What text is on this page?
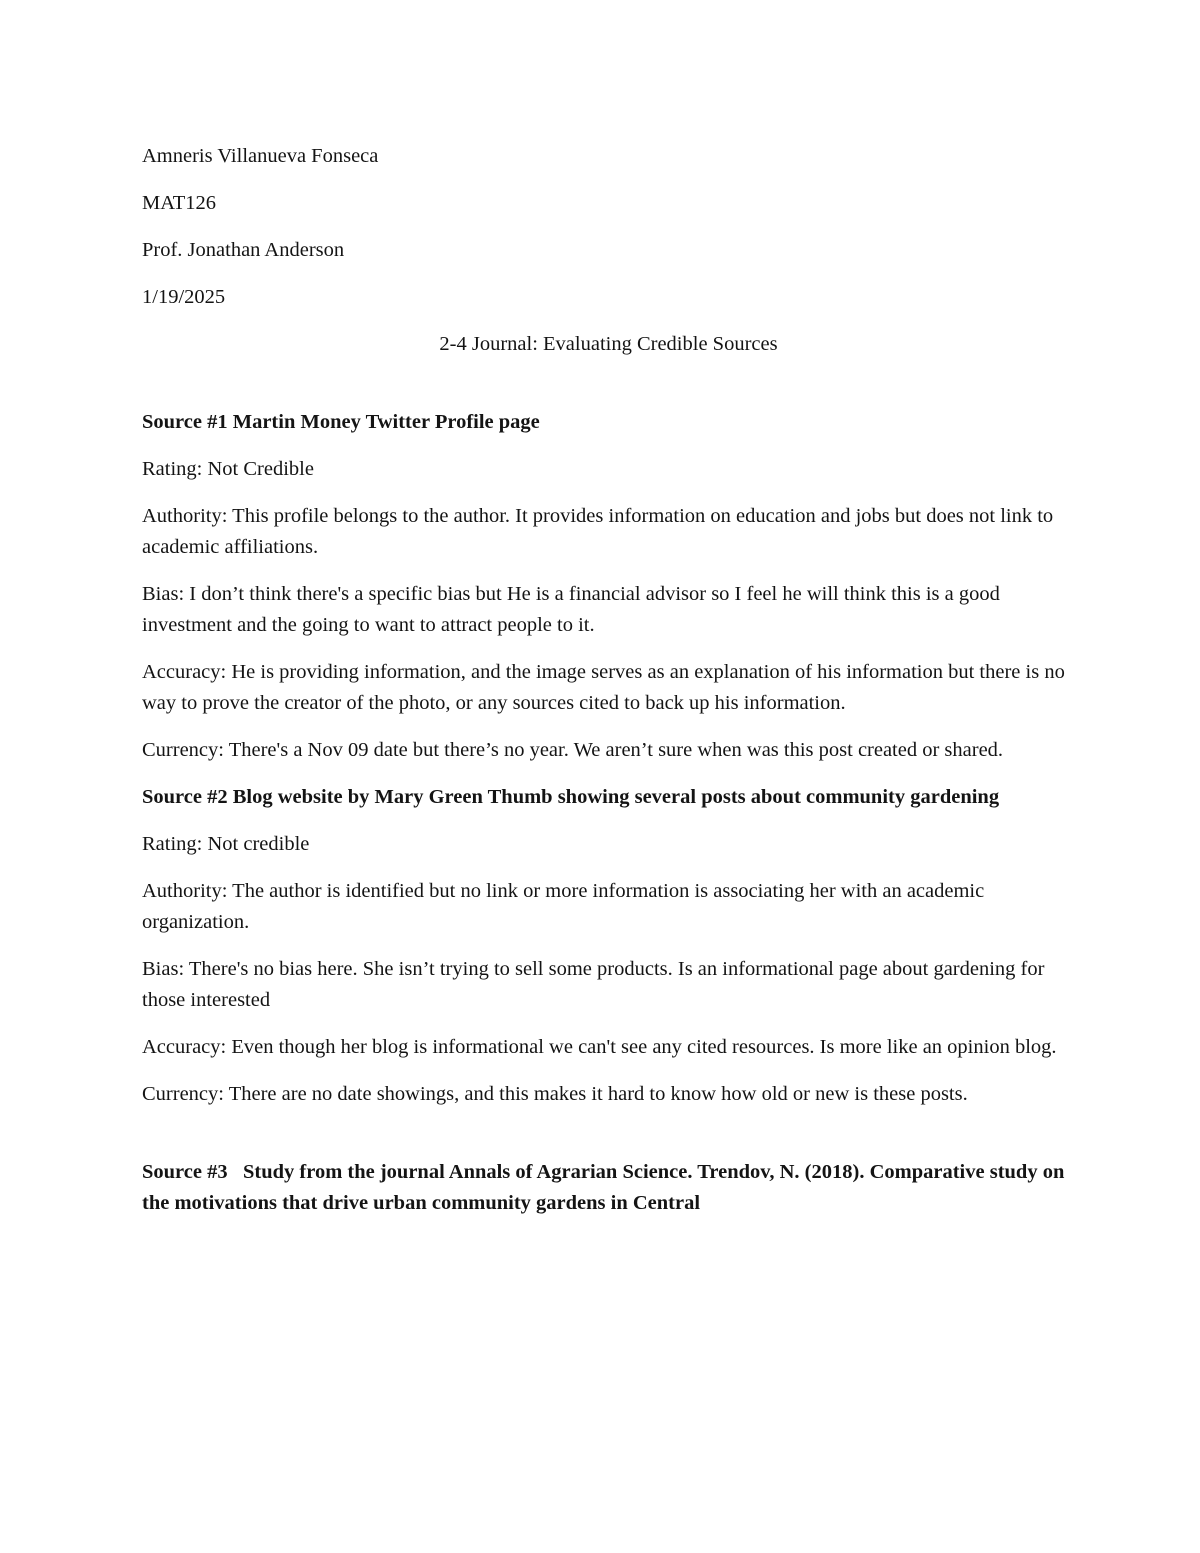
Amneris Villanueva Fonseca

MAT126

Prof. Jonathan Anderson

1/19/2025

2-4 Journal: Evaluating Credible Sources

Source #1 Martin Money Twitter Profile page

Rating: Not Credible

Authority: This profile belongs to the author. It provides information on education and jobs but does not link to academic affiliations.

Bias: I don’t think there's a specific bias but He is a financial advisor so I feel he will think this is a good investment and the going to want to attract people to it.

Accuracy: He is providing information, and the image serves as an explanation of his information but there is no way to prove the creator of the photo, or any sources cited to back up his information.

Currency: There's a Nov 09 date but there’s no year. We aren’t sure when was this post created or shared.

Source #2 Blog website by Mary Green Thumb showing several posts about community gardening

Rating: Not credible

Authority: The author is identified but no link or more information is associating her with an academic organization.

Bias: There's no bias here. She isn’t trying to sell some products. Is an informational page about gardening for those interested

Accuracy: Even though her blog is informational we can't see any cited resources. Is more like an opinion blog.

Currency: There are no date showings, and this makes it hard to know how old or new is these posts.

Source #3   Study from the journal Annals of Agrarian Science. Trendov, N. (2018). Comparative study on the motivations that drive urban community gardens in Central
